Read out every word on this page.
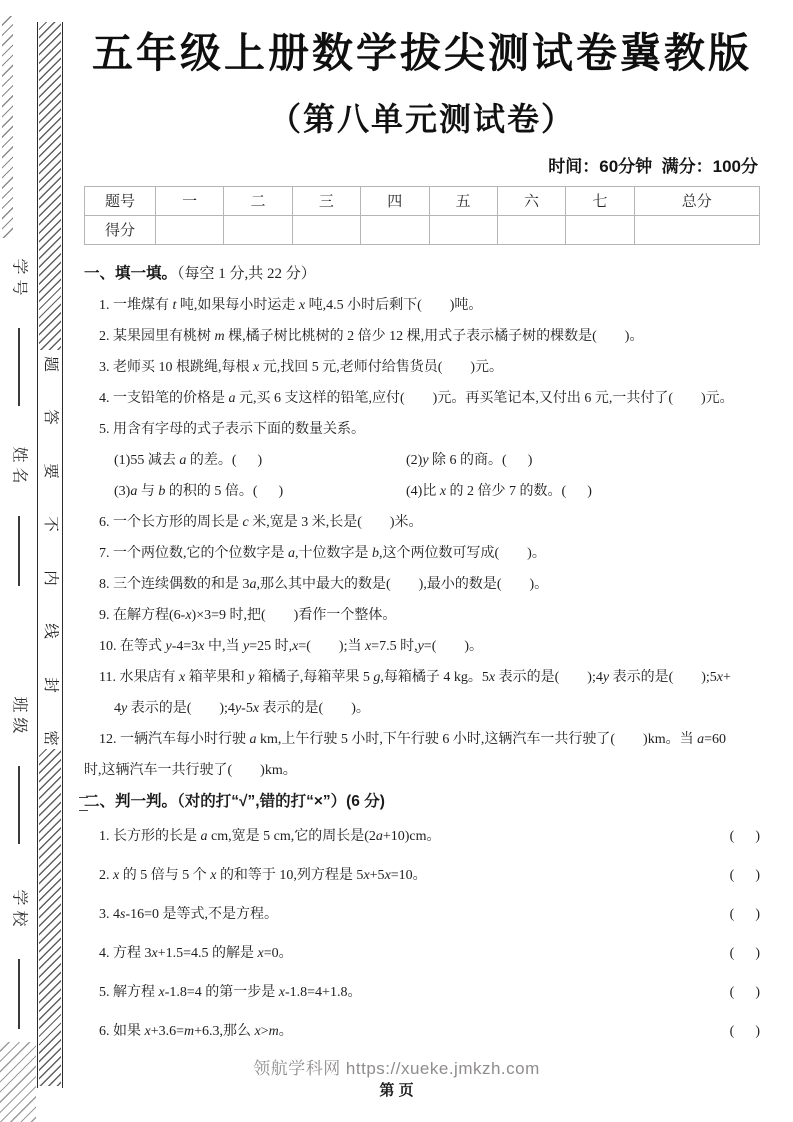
学
号
姓
名
班
级
学
校
题
答
要
不
内
线
封
密
五年级上册数学拔尖测试卷冀教版
（第八单元测试卷）
时间：60分钟  满分：100分
题号	一	二	三	四	五	六	七	总分
得分								
一、填一填。（每空 1 分,共 22 分）
1. 一堆煤有 t 吨,如果每小时运走 x 吨,4.5 小时后剩下(        )吨。
2. 某果园里有桃树 m 棵,橘子树比桃树的 2 倍少 12 棵,用式子表示橘子树的棵数是(        )。
3. 老师买 10 根跳绳,每根 x 元,找回 5 元,老师付给售货员(        )元。
4. 一支铅笔的价格是 a 元,买 6 支这样的铅笔,应付(        )元。再买笔记本,又付出 6 元,一共付了(        )元。
5. 用含有字母的式子表示下面的数量关系。
(1)55 减去 a 的差。(      )	(2)y 除 6 的商。(      )
(3)a 与 b 的积的 5 倍。(      )	(4)比 x 的 2 倍少 7 的数。(      )
6. 一个长方形的周长是 c 米,宽是 3 米,长是(        )米。
7. 一个两位数,它的个位数字是 a,十位数字是 b,这个两位数可写成(        )。
8. 三个连续偶数的和是 3a,那么其中最大的数是(        ),最小的数是(        )。
9. 在解方程(6-x)×3=9 时,把(        )看作一个整体。
10. 在等式 y-4=3x 中,当 y=25 时,x=(        );当 x=7.5 时,y=(        )。
11. 水果店有 x 箱苹果和 y 箱橘子,每箱苹果 5 g,每箱橘子 4 kg。5x 表示的是(        );4y 表示的是(        );5x+
4y 表示的是(        );4y-5x 表示的是(        )。
12. 一辆汽车每小时行驶 a km,上午行驶 5 小时,下午行驶 6 小时,这辆汽车一共行驶了(        )km。当 a=60
时,这辆汽车一共行驶了(        )km。
二、判一判。（对的打“√”,错的打“×”）(6 分)
1. 长方形的长是 a cm,宽是 5 cm,它的周长是(2a+10)cm。	(      )
2. x 的 5 倍与 5 个 x 的和等于 10,列方程是 5x+5x=10。	(      )
3. 4s-16=0 是等式,不是方程。	(      )
4. 方程 3x+1.5=4.5 的解是 x=0。	(      )
5. 解方程 x-1.8=4 的第一步是 x-1.8=4+1.8。	(      )
6. 如果 x+3.6=m+6.3,那么 x>m。	(      )
领航学科网 https://xueke.jmkzh.com
第 页
